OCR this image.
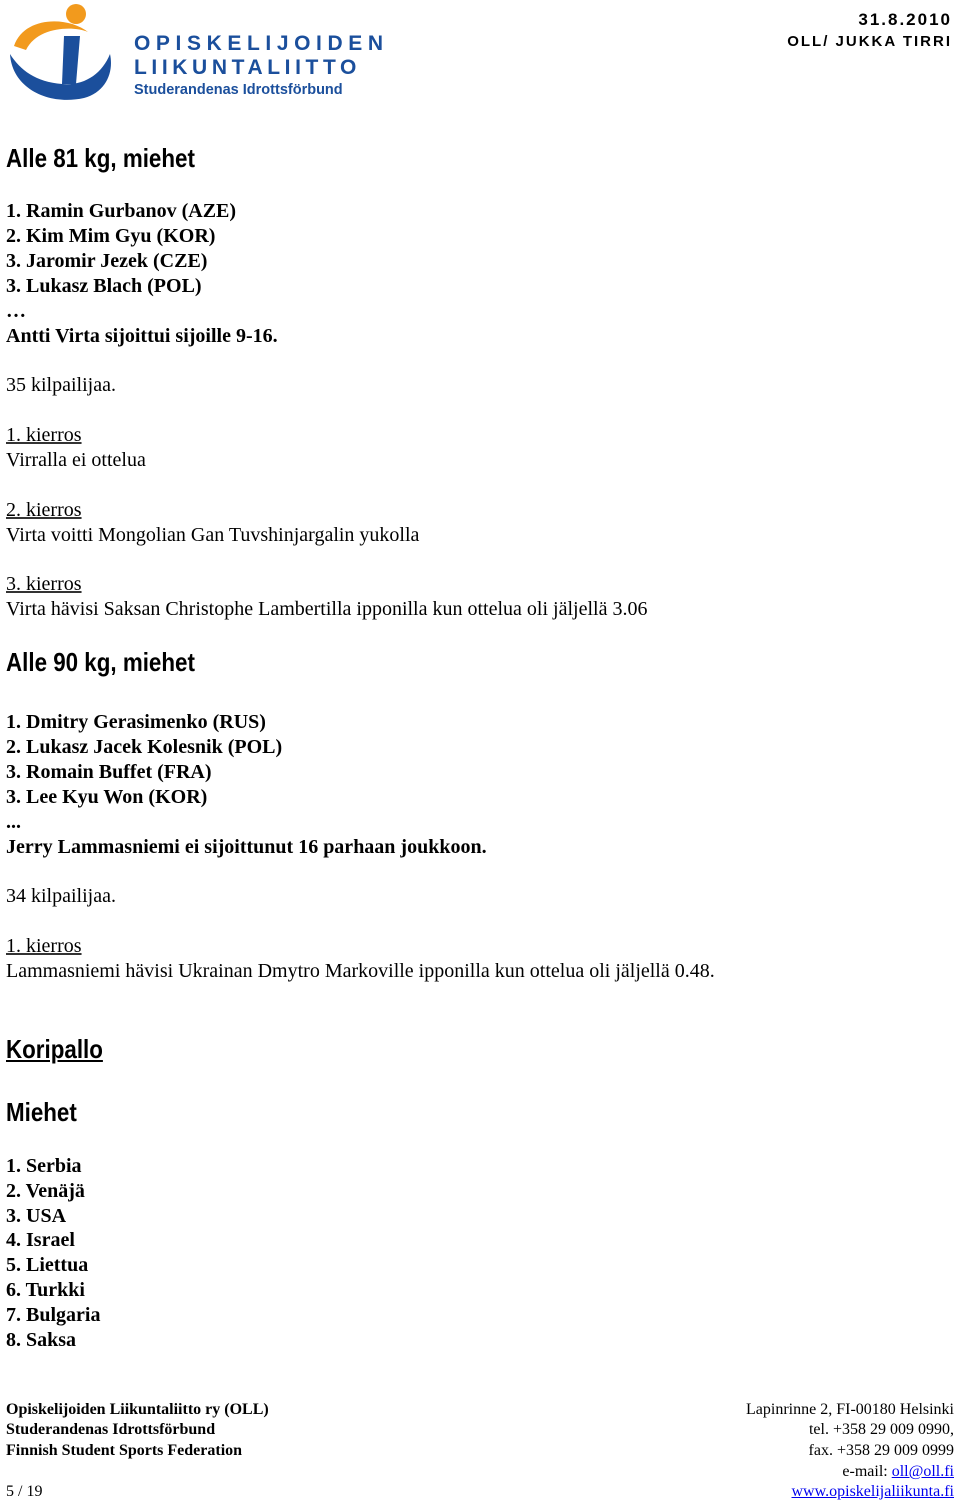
OPISKELIJOIDEN
LIIKUNTALIITTO
Studerandenas Idrottsförbund
31.8.2010
OLL/ JUKKA TIRRI
Alle 81 kg, miehet
1. Ramin Gurbanov (AZE)
2. Kim Mim Gyu (KOR)
3. Jaromir Jezek (CZE)
3. Lukasz Blach (POL)
…
Antti Virta sijoittui sijoille 9-16.
35 kilpailijaa.
1. kierros
Virralla ei ottelua
2. kierros
Virta voitti Mongolian Gan Tuvshinjargalin yukolla
3. kierros
Virta hävisi Saksan Christophe Lambertilla ipponilla kun ottelua oli jäljellä 3.06
Alle 90 kg, miehet
1. Dmitry Gerasimenko (RUS)
2. Lukasz Jacek Kolesnik (POL)
3. Romain Buffet (FRA)
3. Lee Kyu Won (KOR)
...
Jerry Lammasniemi ei sijoittunut 16 parhaan joukkoon.
34 kilpailijaa.
1. kierros
Lammasniemi hävisi Ukrainan Dmytro Markoville ipponilla kun ottelua oli jäljellä 0.48.
Koripallo
Miehet
1. Serbia
2. Venäjä
3. USA
4. Israel
5. Liettua
6. Turkki
7. Bulgaria
8. Saksa
Opiskelijoiden Liikuntaliitto ry (OLL)
Studerandenas Idrottsförbund
Finnish Student Sports Federation
5 / 19
Lapinrinne 2, FI-00180 Helsinki
tel. +358 29 009 0990,
fax. +358 29 009 0999
e-mail: oll@oll.fi
www.opiskelijaliikunta.fi
